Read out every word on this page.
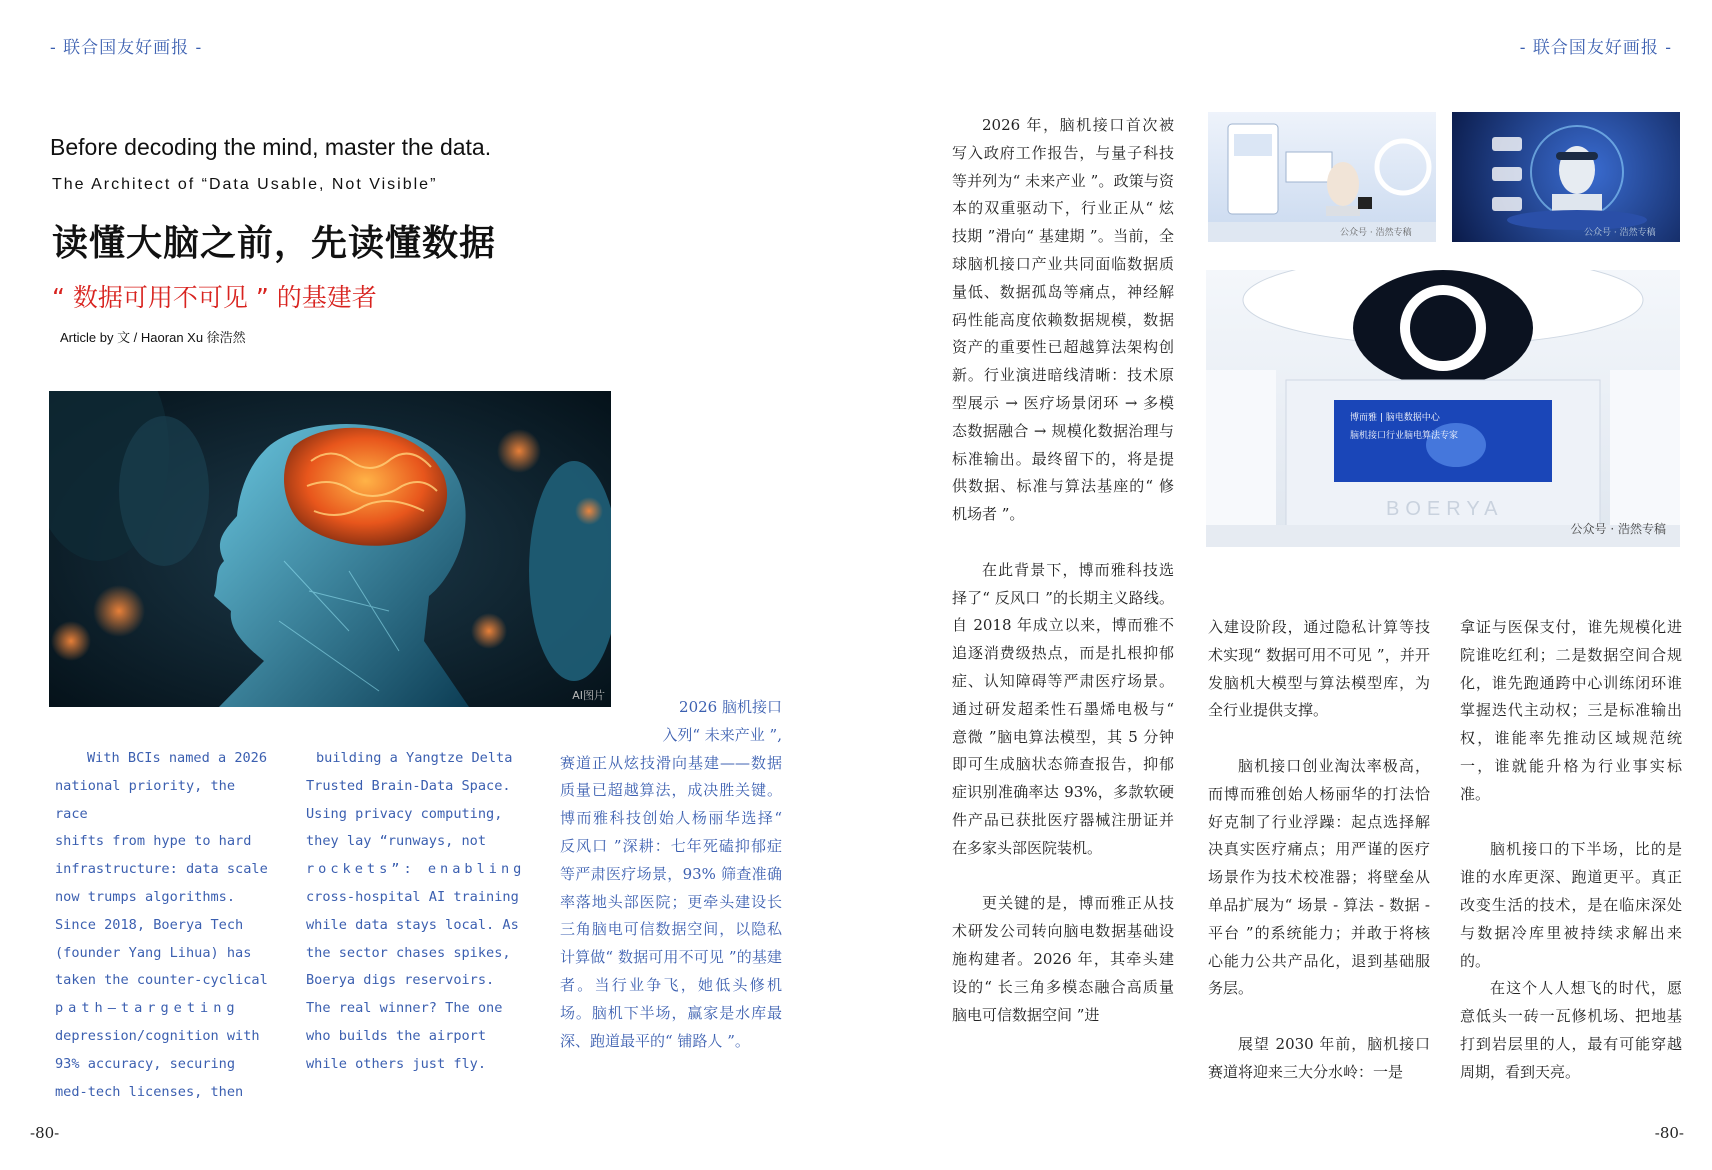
- 联合国友好画报 -	- 联合国友好画报 -
Before decoding the mind, master the data.
The Architect of “Data Usable, Not Visible”
读懂大脑之前，先读懂数据
“ 数据可用不可见 ” 的基建者
Article by 文 / Haoran Xu 徐浩然
AI图片
With BCIs named a 2026
national priority, the race
shifts from hype to hard
infrastructure: data scale
now trumps algorithms.
Since 2018, Boerya Tech
(founder Yang Lihua) has
taken the counter-cyclical
path—targeting
depression/cognition with
93% accuracy, securing
med-tech licenses, then
building a Yangtze Delta
Trusted Brain-Data Space.
Using privacy computing,
they lay “runways, not
rockets”: enabling
cross-hospital AI training
while data stays local. As
the sector chases spikes,
Boerya digs reservoirs.
The real winner? The one
who builds the airport
while others just fly.
2026 脑机接口
入列“ 未来产业 ”,

赛道正从炫技滑向基建——数据质量已超越算法，成决胜关键。博而雅科技创始人杨丽华选择“ 反风口 ”深耕：七年死磕抑郁症等严肃医疗场景，93% 筛查准确率落地头部医院；更牵头建设长三角脑电可信数据空间，以隐私计算做“ 数据可用不可见 ”的基建者。当行业争飞，她低头修机场。脑机下半场，赢家是水库最深、跑道最平的“ 铺路人 ”。

2026 年，脑机接口首次被写入政府工作报告，与量子科技等并列为“ 未来产业 ”。政策与资本的双重驱动下，行业正从“ 炫技期 ”滑向“ 基建期 ”。当前，全球脑机接口产业共同面临数据质量低、数据孤岛等痛点，神经解码性能高度依赖数据规模，数据资产的重要性已超越算法架构创新。行业演进暗线清晰：技术原型展示 → 医疗场景闭环 → 多模态数据融合 → 规模化数据治理与标准输出。最终留下的，将是提供数据、标准与算法基座的“ 修机场者 ”。

在此背景下，博而雅科技选择了“ 反风口 ”的长期主义路线。自 2018 年成立以来，博而雅不追逐消费级热点，而是扎根抑郁症、认知障碍等严肃医疗场景。通过研发超柔性石墨烯电极与“ 意微 ”脑电算法模型，其 5 分钟即可生成脑状态筛查报告，抑郁症识别准确率达 93%，多款软硬件产品已获批医疗器械注册证并在多家头部医院装机。

更关键的是，博而雅正从技术研发公司转向脑电数据基础设施构建者。2026 年，其牵头建设的“ 长三角多模态融合高质量脑电可信数据空间 ”进

公众号 · 浩然专稿	公众号 · 浩然专稿
博而雅 | 脑电数据中心
脑机接口行业脑电算法专家
BOERYA
公众号 · 浩然专稿

入建设阶段，通过隐私计算等技术实现“ 数据可用不可见 ”，并开发脑机大模型与算法模型库，为全行业提供支撑。

脑机接口创业淘汰率极高，而博而雅创始人杨丽华的打法恰好克制了行业浮躁：起点选择解决真实医疗痛点；用严谨的医疗场景作为技术校准器；将壁垒从单品扩展为“ 场景 - 算法 - 数据 - 平台 ”的系统能力；并敢于将核心能力公共产品化，退到基础服务层。

展望 2030 年前，脑机接口赛道将迎来三大分水岭：一是

拿证与医保支付，谁先规模化进院谁吃红利；二是数据空间合规化，谁先跑通跨中心训练闭环谁掌握迭代主动权；三是标准输出权，谁能率先推动区域规范统一，谁就能升格为行业事实标准。

脑机接口的下半场，比的是谁的水库更深、跑道更平。真正改变生活的技术，是在临床深处与数据冷库里被持续求解出来的。

在这个人人想飞的时代，愿意低头一砖一瓦修机场、把地基打到岩层里的人，最有可能穿越周期，看到天亮。

-80-	-80-
